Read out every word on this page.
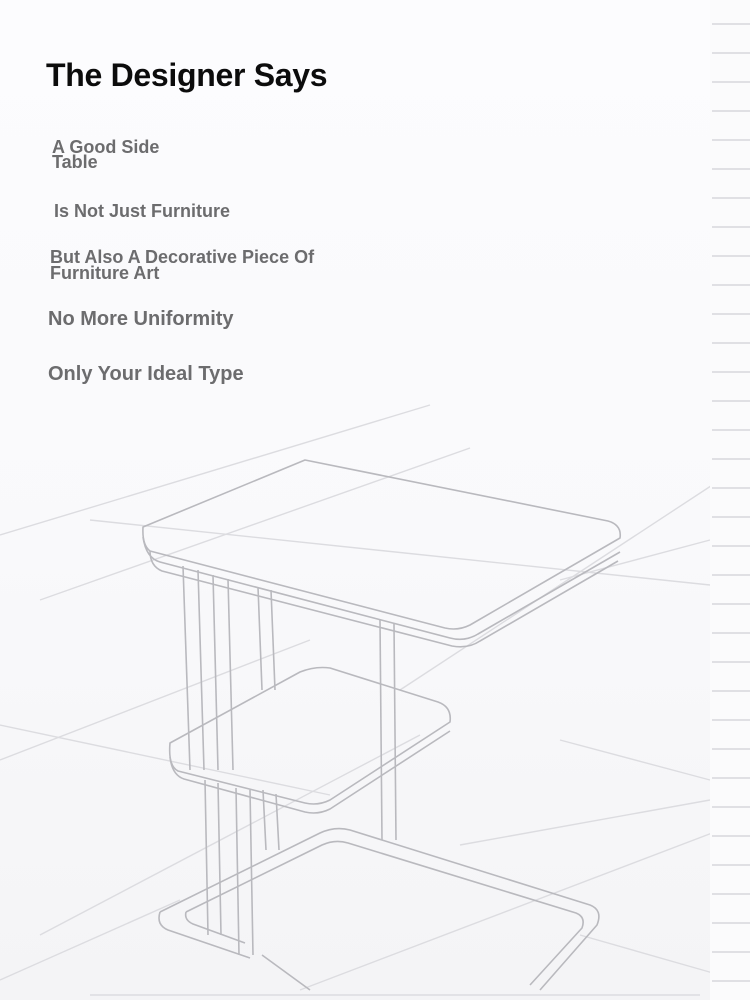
The Designer Says

A Good Side Table

Is Not Just Furniture

But Also A Decorative Piece Of Furniture Art

No More Uniformity

Only Your Ideal Type
